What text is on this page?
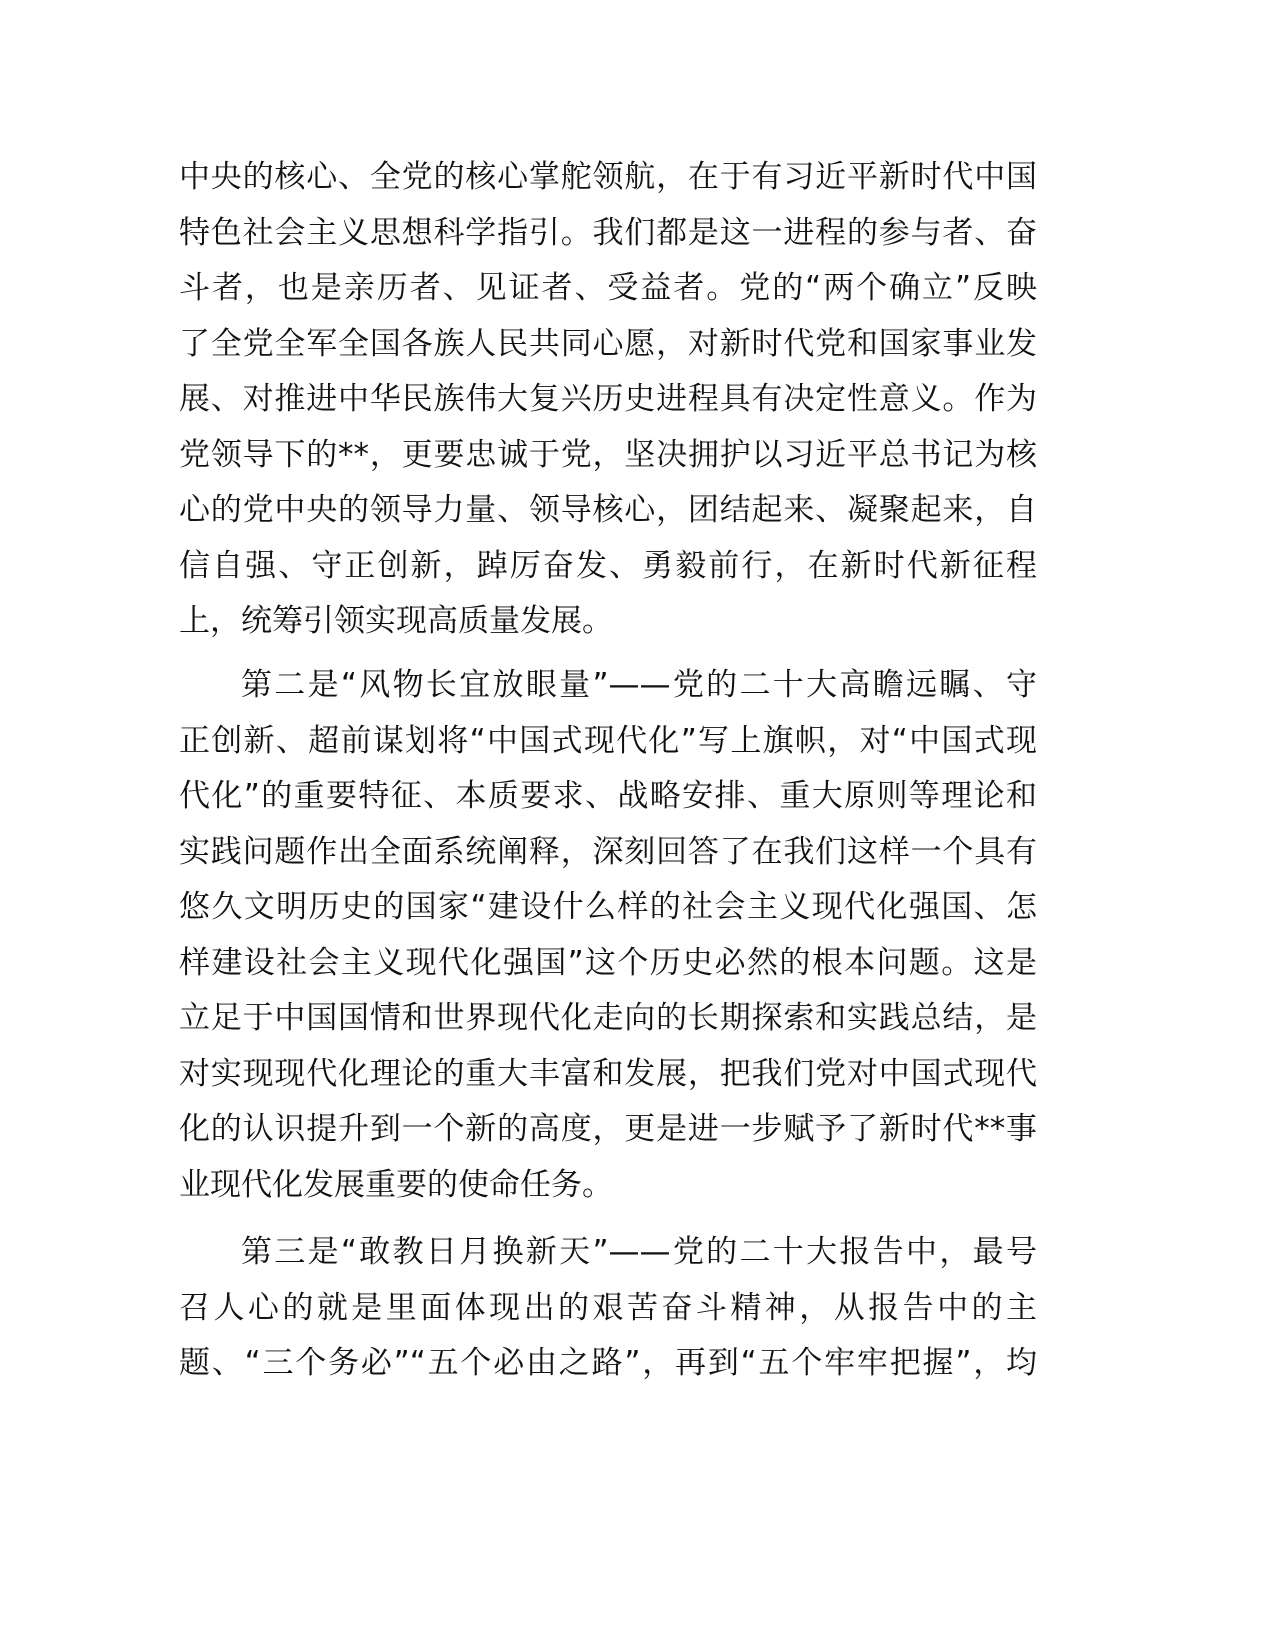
中央的核心、全党的核心掌舵领航，在于有习近平新时代中国
特色社会主义思想科学指引。我们都是这一进程的参与者、奋
斗者，也是亲历者、见证者、受益者。党的“两个确立”反映
了全党全军全国各族人民共同心愿，对新时代党和国家事业发
展、对推进中华民族伟大复兴历史进程具有决定性意义。作为
党领导下的**，更要忠诚于党，坚决拥护以习近平总书记为核
心的党中央的领导力量、领导核心，团结起来、凝聚起来，自
信自强、守正创新，踔厉奋发、勇毅前行，在新时代新征程
上，统筹引领实现高质量发展。
第二是“风物长宜放眼量”——党的二十大高瞻远瞩、守
正创新、超前谋划将“中国式现代化”写上旗帜，对“中国式现
代化”的重要特征、本质要求、战略安排、重大原则等理论和
实践问题作出全面系统阐释，深刻回答了在我们这样一个具有
悠久文明历史的国家“建设什么样的社会主义现代化强国、怎
样建设社会主义现代化强国”这个历史必然的根本问题。这是
立足于中国国情和世界现代化走向的长期探索和实践总结，是
对实现现代化理论的重大丰富和发展，把我们党对中国式现代
化的认识提升到一个新的高度，更是进一步赋予了新时代**事
业现代化发展重要的使命任务。
第三是“敢教日月换新天”——党的二十大报告中，最号
召人心的就是里面体现出的艰苦奋斗精神，从报告中的主
题、“三个务必”“五个必由之路”，再到“五个牢牢把握”，均
